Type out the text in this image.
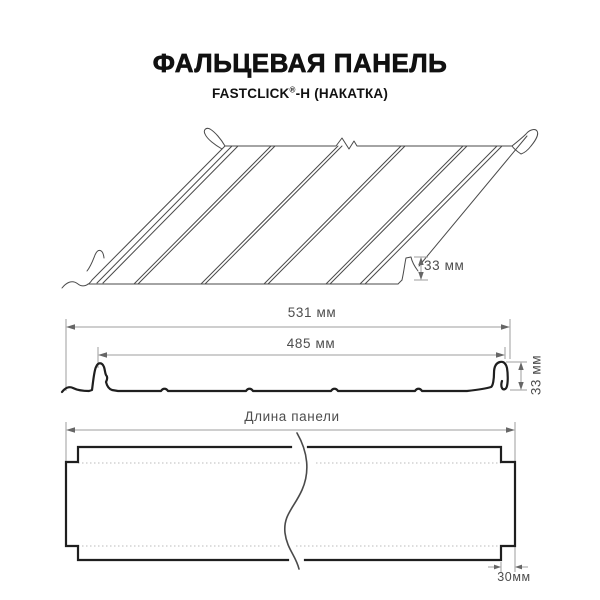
ФАЛЬЦЕВАЯ ПАНЕЛЬ
FASTCLICK®-H (НАКАТКА)
33 мм
531 мм
485 мм
33 мм
Длина панели
30мм
